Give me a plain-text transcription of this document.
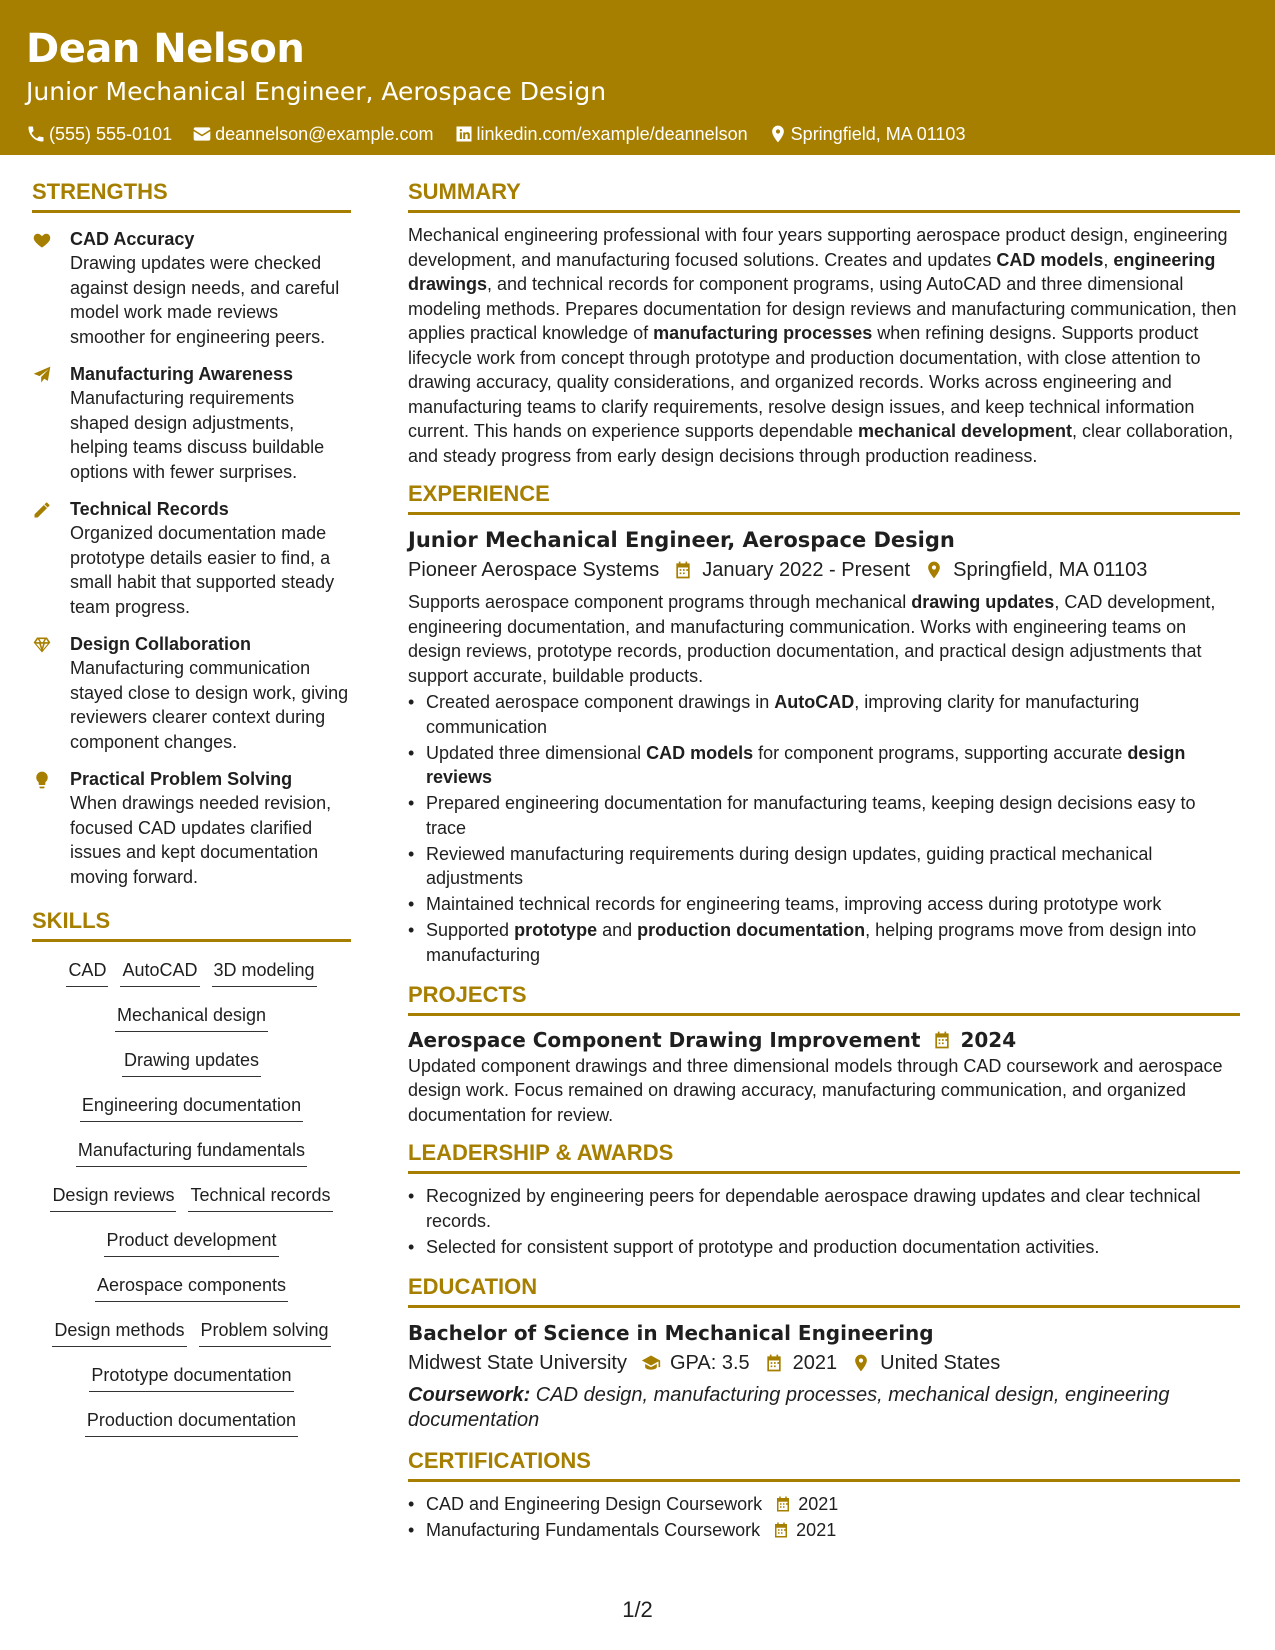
Dean Nelson
Junior Mechanical Engineer, Aerospace Design
(555) 555-0101 deannelson@example.com linkedin.com/example/deannelson Springfield, MA 01103
STRENGTHS
CAD Accuracy
Drawing updates were checked against design needs, and careful model work made reviews smoother for engineering peers.
Manufacturing Awareness
Manufacturing requirements shaped design adjustments, helping teams discuss buildable options with fewer surprises.
Technical Records
Organized documentation made prototype details easier to find, a small habit that supported steady team progress.
Design Collaboration
Manufacturing communication stayed close to design work, giving reviewers clearer context during component changes.
Practical Problem Solving
When drawings needed revision, focused CAD updates clarified issues and kept documentation moving forward.
SKILLS
CAD AutoCAD 3D modeling
Mechanical design
Drawing updates
Engineering documentation
Manufacturing fundamentals
Design reviews Technical records
Product development
Aerospace components
Design methods Problem solving
Prototype documentation
Production documentation
SUMMARY
Mechanical engineering professional with four years supporting aerospace product design, engineering development, and manufacturing focused solutions. Creates and updates CAD models, engineering drawings, and technical records for component programs, using AutoCAD and three dimensional modeling methods. Prepares documentation for design reviews and manufacturing communication, then applies practical knowledge of manufacturing processes when refining designs. Supports product lifecycle work from concept through prototype and production documentation, with close attention to drawing accuracy, quality considerations, and organized records. Works across engineering and manufacturing teams to clarify requirements, resolve design issues, and keep technical information current. This hands on experience supports dependable mechanical development, clear collaboration, and steady progress from early design decisions through production readiness.
EXPERIENCE
Junior Mechanical Engineer, Aerospace Design
Pioneer Aerospace Systems January 2022 - Present Springfield, MA 01103
Supports aerospace component programs through mechanical drawing updates, CAD development, engineering documentation, and manufacturing communication. Works with engineering teams on design reviews, prototype records, production documentation, and practical design adjustments that support accurate, buildable products.
• Created aerospace component drawings in AutoCAD, improving clarity for manufacturing communication
• Updated three dimensional CAD models for component programs, supporting accurate design reviews
• Prepared engineering documentation for manufacturing teams, keeping design decisions easy to trace
• Reviewed manufacturing requirements during design updates, guiding practical mechanical adjustments
• Maintained technical records for engineering teams, improving access during prototype work
• Supported prototype and production documentation, helping programs move from design into manufacturing
PROJECTS
Aerospace Component Drawing Improvement 2024
Updated component drawings and three dimensional models through CAD coursework and aerospace design work. Focus remained on drawing accuracy, manufacturing communication, and organized documentation for review.
LEADERSHIP & AWARDS
• Recognized by engineering peers for dependable aerospace drawing updates and clear technical records.
• Selected for consistent support of prototype and production documentation activities.
EDUCATION
Bachelor of Science in Mechanical Engineering
Midwest State University GPA: 3.5 2021 United States
Coursework: CAD design, manufacturing processes, mechanical design, engineering documentation
CERTIFICATIONS
• CAD and Engineering Design Coursework 2021
• Manufacturing Fundamentals Coursework 2021
1/2
